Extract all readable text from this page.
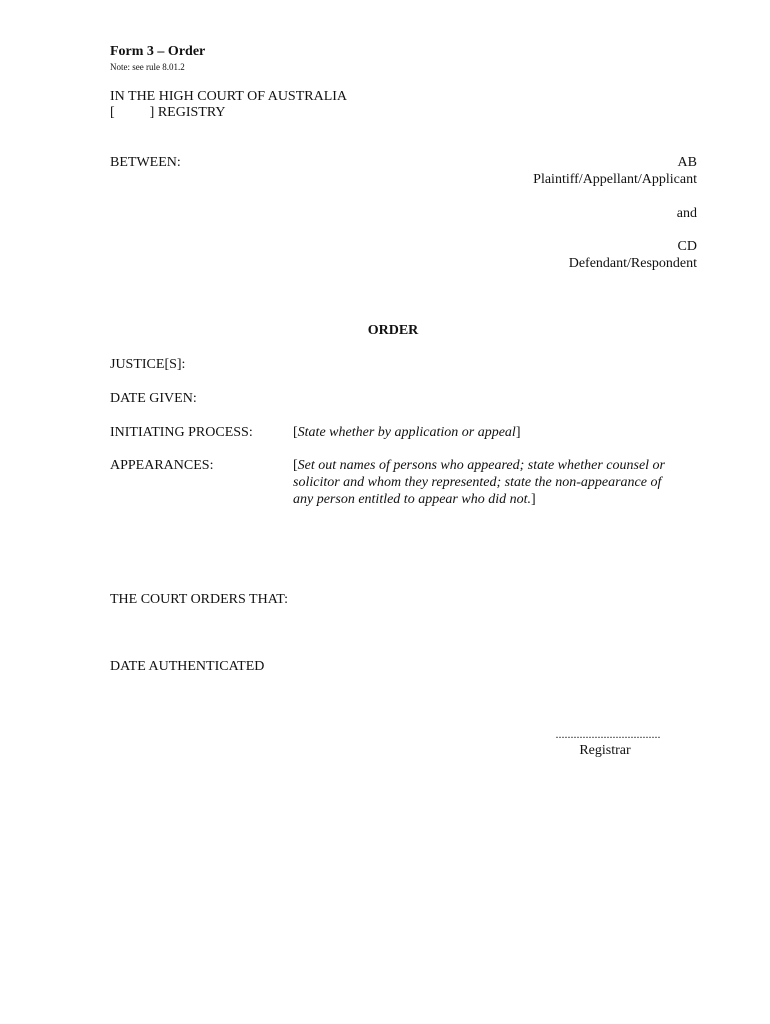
Form 3 – Order

Note: see rule 8.01.2

IN THE HIGH COURT OF AUSTRALIA

[          ] REGISTRY

BETWEEN:	AB

Plaintiff/Appellant/Applicant

and

CD

Defendant/Respondent

ORDER

JUSTICE[S]:

DATE GIVEN:

INITIATING PROCESS:	[State whether by application or appeal]

APPEARANCES:	[Set out names of persons who appeared; state whether counsel or solicitor and whom they represented; state the non-appearance of any person entitled to appear who did not.]

THE COURT ORDERS THAT:

DATE AUTHENTICATED

...................................

Registrar
